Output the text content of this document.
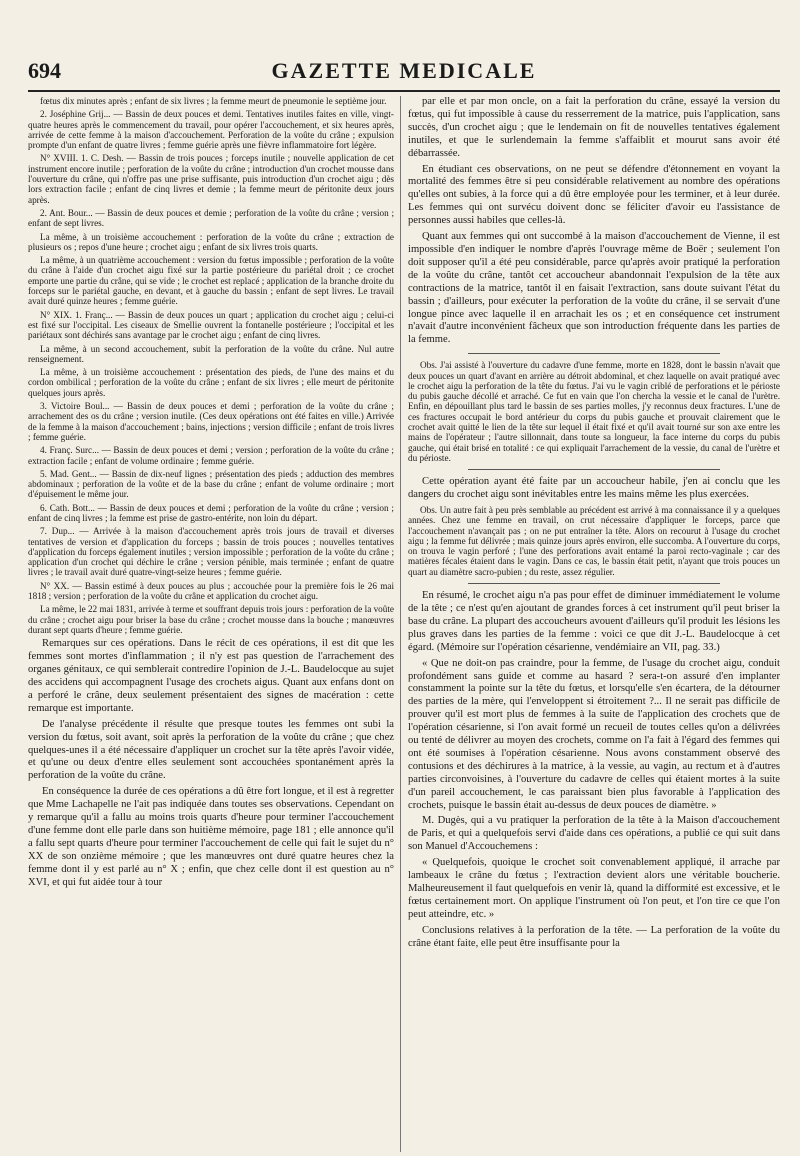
694	GAZETTE MEDICALE

fœtus dix minutes après ; enfant de six livres ; la femme meurt de pneumonie le septième jour.

2. Joséphine Grij... — Bassin de deux pouces et demi. Tentatives inutiles faites en ville, vingt-quatre heures après le commencement du travail, pour opérer l'accouchement, et six heures après, arrivée de cette femme à la maison d'accouchement. Perforation de la voûte du crâne ; expulsion prompte d'un enfant de quatre livres ; femme guérie après une fièvre inflammatoire fort légère.

N° XVIII. 1. C. Desh. — Bassin de trois pouces ; forceps inutile ; nouvelle application de cet instrument encore inutile ; perforation de la voûte du crâne ; introduction d'un crochet mousse dans l'ouverture du crâne, qui n'offre pas une prise suffisante, puis introduction d'un crochet aigu ; dès lors extraction facile ; enfant de cinq livres et demie ; la femme meurt de péritonite deux jours après.

2. Ant. Bour... — Bassin de deux pouces et demie ; perforation de la voûte du crâne ; version ; enfant de sept livres.

La même, à un troisième accouchement : perforation de la voûte du crâne ; extraction de plusieurs os ; repos d'une heure ; crochet aigu ; enfant de six livres trois quarts.

La même, à un quatrième accouchement : version du fœtus impossible ; perforation de la voûte du crâne à l'aide d'un crochet aigu fixé sur la partie postérieure du pariétal droit ; ce crochet emporte une partie du crâne, qui se vide ; le crochet est replacé ; application de la branche droite du forceps sur le pariétal gauche, en devant, et à gauche du bassin ; enfant de sept livres. Le travail avait duré quinze heures ; femme guérie.

N° XIX. 1. Franç... — Bassin de deux pouces un quart ; application du crochet aigu ; celui-ci est fixé sur l'occipital. Les ciseaux de Smellie ouvrent la fontanelle postérieure ; l'occipital et les pariétaux sont déchirés sans avantage par le crochet aigu ; enfant de cinq livres.

La même, à un second accouchement, subit la perforation de la voûte du crâne. Nul autre renseignement.

La même, à un troisième accouchement : présentation des pieds, de l'une des mains et du cordon ombilical ; perforation de la voûte du crâne ; enfant de six livres ; elle meurt de péritonite quelques jours après.

3. Victoire Boul... — Bassin de deux pouces et demi ; perforation de la voûte du crâne ; arrachement des os du crâne ; version inutile. (Ces deux opérations ont été faites en ville.) Arrivée de la femme à la maison d'accouchement ; bains, injections ; version difficile ; enfant de trois livres ; femme guérie.

4. Franç. Surc... — Bassin de deux pouces et demi ; version ; perforation de la voûte du crâne ; extraction facile ; enfant de volume ordinaire ; femme guérie.

5. Mad. Gent... — Bassin de dix-neuf lignes ; présentation des pieds ; adduction des membres abdominaux ; perforation de la voûte et de la base du crâne ; enfant de volume ordinaire ; mort d'épuisement le même jour.

6. Cath. Bott... — Bassin de deux pouces et demi ; perforation de la voûte du crâne ; version ; enfant de cinq livres ; la femme est prise de gastro-entérite, non loin du départ.

7. Dup... — Arrivée à la maison d'accouchement après trois jours de travail et diverses tentatives de version et d'application du forceps ; bassin de trois pouces ; nouvelles tentatives d'application du forceps également inutiles ; version impossible ; perforation de la voûte du crâne ; application d'un crochet qui déchire le crâne ; version pénible, mais terminée ; enfant de quatre livres ; le travail avait duré quatre-vingt-seize heures ; femme guérie.

N° XX. — Bassin estimé à deux pouces au plus ; accouchée pour la première fois le 26 mai 1818 ; version ; perforation de la voûte du crâne et application du crochet aigu.

La même, le 22 mai 1831, arrivée à terme et souffrant depuis trois jours : perforation de la voûte du crâne ; crochet aigu pour briser la base du crâne ; crochet mousse dans la bouche ; manœuvres durant sept quarts d'heure ; femme guérie.

Remarques sur ces opérations. Dans le récit de ces opérations, il est dit que les femmes sont mortes d'inflammation ; il n'y est pas question de l'arrachement des organes génitaux, ce qui semblerait contredire l'opinion de J.-L. Baudelocque au sujet des accidens qui accompagnent l'usage des crochets aigus. Quant aux enfans dont on a perforé le crâne, deux seulement présentaient des signes de macération : cette remarque est importante.

De l'analyse précédente il résulte que presque toutes les femmes ont subi la version du fœtus, soit avant, soit après la perforation de la voûte du crâne ; que chez quelques-unes il a été nécessaire d'appliquer un crochet sur la tête après l'avoir vidée, et qu'une ou deux d'entre elles seulement sont accouchées spontanément après la perforation de la voûte du crâne.

En conséquence la durée de ces opérations a dû être fort longue, et il est à regretter que Mme Lachapelle ne l'ait pas indiquée dans toutes ses observations. Cependant on y remarque qu'il a fallu au moins trois quarts d'heure pour terminer l'accouchement d'une femme dont elle parle dans son huitième mémoire, page 181 ; elle annonce qu'il a fallu sept quarts d'heure pour terminer l'accouchement de celle qui fait le sujet du n° XX de son onzième mémoire ; que les manœuvres ont duré quatre heures chez la femme dont il y est parlé au n° X ; enfin, que chez celle dont il est question au n° XVI, et qui fut aidée tour à tour

par elle et par mon oncle, on a fait la perforation du crâne, essayé la version du fœtus, qui fut impossible à cause du resserrement de la matrice, puis l'application, sans succès, d'un crochet aigu ; que le lendemain on fit de nouvelles tentatives également inutiles, et que le surlendemain la femme s'affaiblit et mourut sans avoir été débarrassée.

En étudiant ces observations, on ne peut se défendre d'étonnement en voyant la mortalité des femmes être si peu considérable relativement au nombre des opérations qu'elles ont subies, à la force qui a dû être employée pour les terminer, et à leur durée. Les femmes qui ont survécu doivent donc se féliciter d'avoir eu l'assistance de personnes aussi habiles que celles-là.

Quant aux femmes qui ont succombé à la maison d'accouchement de Vienne, il est impossible d'en indiquer le nombre d'après l'ouvrage même de Boër ; seulement l'on doit supposer qu'il a été peu considérable, parce qu'après avoir pratiqué la perforation de la voûte du crâne, tantôt cet accoucheur abandonnait l'expulsion de la tête aux contractions de la matrice, tantôt il en faisait l'extraction, sans doute suivant l'état du bassin ; d'ailleurs, pour exécuter la perforation de la voûte du crâne, il se servait d'une longue pince avec laquelle il en arrachait les os ; et en conséquence cet instrument n'avait d'autre inconvénient fâcheux que son introduction fréquente dans les parties de la femme.

Obs. J'ai assisté à l'ouverture du cadavre d'une femme, morte en 1828, dont le bassin n'avait que deux pouces un quart d'avant en arrière au détroit abdominal, et chez laquelle on avait pratiqué avec le crochet aigu la perforation de la tête du fœtus. J'ai vu le vagin criblé de perforations et le périoste du pubis gauche décollé et arraché. Ce fut en vain que l'on chercha la vessie et le canal de l'urètre. Enfin, en dépouillant plus tard le bassin de ses parties molles, j'y reconnus deux fractures. L'une de ces fractures occupait le bord antérieur du corps du pubis gauche et prouvait clairement que le crochet avait quitté le lien de la tête sur lequel il était fixé et qu'il avait tourné sur son axe entre les mains de l'opérateur ; l'autre sillonnait, dans toute sa longueur, la face interne du corps du pubis gauche, qui était brisé en totalité : ce qui expliquait l'arrachement de la vessie, du canal de l'urètre et du périoste.

Cette opération ayant été faite par un accoucheur habile, j'en ai conclu que les dangers du crochet aigu sont inévitables entre les mains même les plus exercées.

Obs. Un autre fait à peu près semblable au précédent est arrivé à ma connaissance il y a quelques années. Chez une femme en travail, on crut nécessaire d'appliquer le forceps, parce que l'accouchement n'avançait pas ; on ne put entraîner la tête. Alors on recourut à l'usage du crochet aigu ; la femme fut délivrée ; mais quinze jours après environ, elle succomba. A l'ouverture du corps, on trouva le vagin perforé ; l'une des perforations avait entamé la paroi recto-vaginale ; car des matières fécales étaient dans le vagin. Dans ce cas, le bassin était petit, n'ayant que trois pouces un quart au diamètre sacro-pubien ; du reste, assez régulier.

En résumé, le crochet aigu n'a pas pour effet de diminuer immédiatement le volume de la tête ; ce n'est qu'en ajoutant de grandes forces à cet instrument qu'il peut briser la base du crâne. La plupart des accoucheurs avouent d'ailleurs qu'il produit les lésions les plus graves dans les parties de la femme : voici ce que dit J.-L. Baudelocque à cet égard. (Mémoire sur l'opération césarienne, vendémiaire an VII, pag. 33.)

« Que ne doit-on pas craindre, pour la femme, de l'usage du crochet aigu, conduit profondément sans guide et comme au hasard ? sera-t-on assuré d'en implanter constamment la pointe sur la tête du fœtus, et lorsqu'elle s'en écartera, de la détourner des parties de la mère, qui l'enveloppent si étroitement ?... Il ne serait pas difficile de prouver qu'il est mort plus de femmes à la suite de l'application des crochets que de l'opération césarienne, si l'on avait formé un recueil de toutes celles qu'on a délivrées ou tenté de délivrer au moyen des crochets, comme on l'a fait à l'égard des femmes qui ont été soumises à l'opération césarienne. Nous avons constamment observé des contusions et des déchirures à la matrice, à la vessie, au vagin, au rectum et à d'autres parties circonvoisines, à l'ouverture du cadavre de celles qui étaient mortes à la suite d'un pareil accouchement, le cas paraissant bien plus favorable à l'application des crochets, puisque le bassin était au-dessus de deux pouces de diamètre. »

M. Dugès, qui a vu pratiquer la perforation de la tête à la Maison d'accouchement de Paris, et qui a quelquefois servi d'aide dans ces opérations, a publié ce qui suit dans son Manuel d'Accouchemens :

« Quelquefois, quoique le crochet soit convenablement appliqué, il arrache par lambeaux le crâne du fœtus ; l'extraction devient alors une véritable boucherie. Malheureusement il faut quelquefois en venir là, quand la difformité est excessive, et le fœtus certainement mort. On applique l'instrument où l'on peut, et l'on tire ce que l'on peut atteindre, etc. »

Conclusions relatives à la perforation de la tête. — La perforation de la voûte du crâne étant faite, elle peut être insuffisante pour la
